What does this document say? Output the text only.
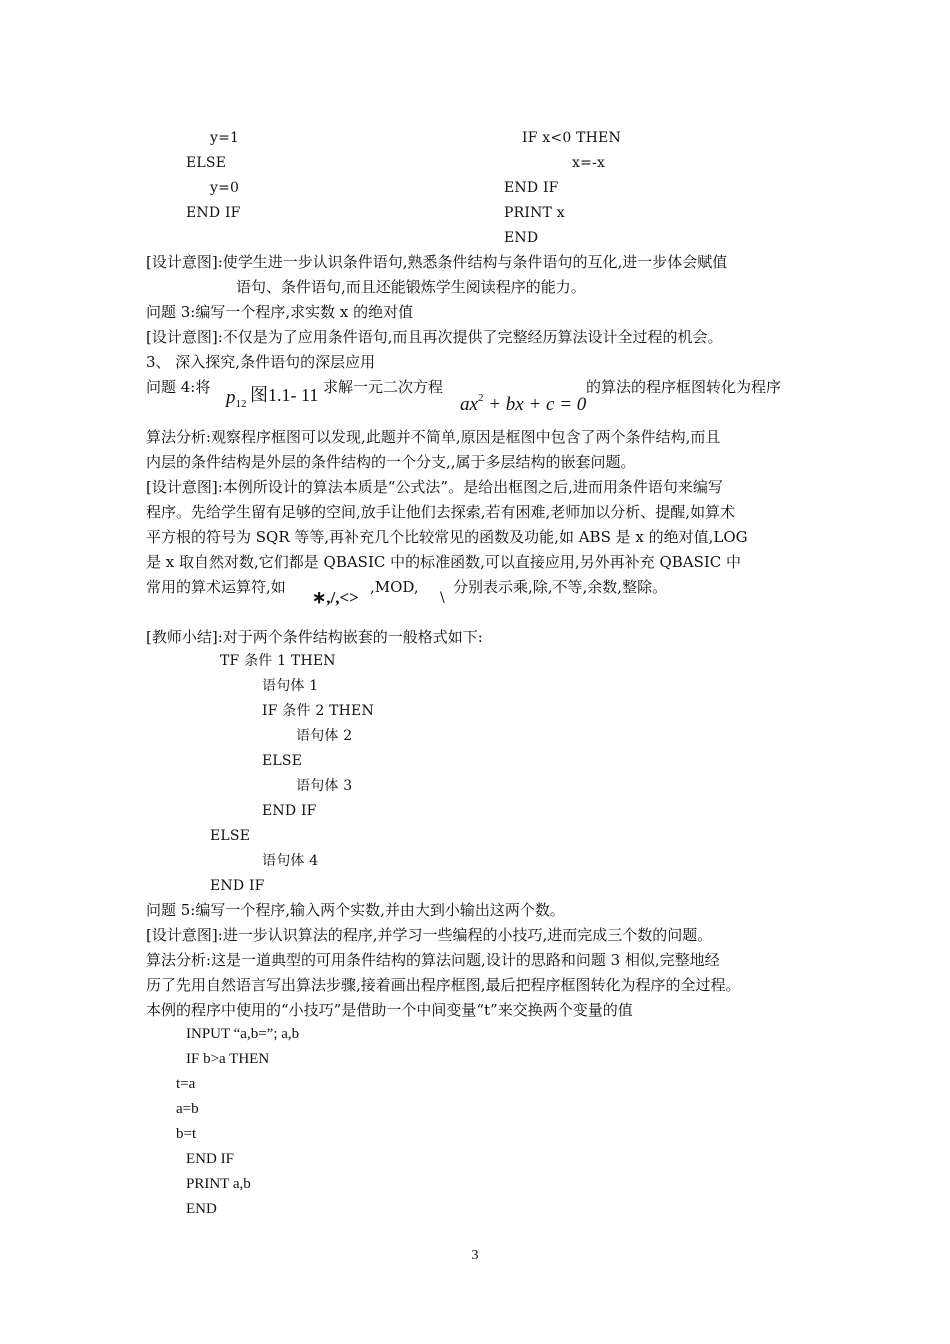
y=1
ELSE
y=0
END IF
IF x<0 THEN
x=-x
END IF
PRINT x
END
[设计意图]:使学生进一步认识条件语句,熟悉条件结构与条件语句的互化,进一步体会赋值
语句、条件语句,而且还能锻炼学生阅读程序的能力。
问题 3:编写一个程序,求实数 x 的绝对值
[设计意图]:不仅是为了应用条件语句,而且再次提供了完整经历算法设计全过程的机会。
3、 深入探究,条件语句的深层应用
问题 4:将 $p_{12}$ 图1.1- 11 求解一元二次方程
$ax^2$ + bx + c = 0
的算法的程序框图转化为程序
算法分析:观察程序框图可以发现,此题并不简单,原因是框图中包含了两个条件结构,而且
内层的条件结构是外层的条件结构的一个分支,,属于多层结构的嵌套问题。
[设计意图]:本例所设计的算法本质是“公式法”。是给出框图之后,进而用条件语句来编写
程序。先给学生留有足够的空间,放手让他们去探索,若有困难,老师加以分析、提醒,如算术
平方根的符号为 SQR 等等,再补充几个比较常见的函数及功能,如 ABS 是 x 的绝对值,LOG
是 x 取自然对数,它们都是 QBASIC 中的标准函数,可以直接应用,另外再补充 QBASIC 中
常用的算术运算符,如
∗,/,<>
,MOD,
\
分别表示乘,除,不等,余数,整除。
[教师小结]:对于两个条件结构嵌套的一般格式如下:
TF 条件 1 THEN
语句体 1
IF 条件 2 THEN
语句体 2
ELSE
语句体 3
END IF
ELSE
语句体 4
END IF
问题 5:编写一个程序,输入两个实数,并由大到小输出这两个数。
[设计意图]:进一步认识算法的程序,并学习一些编程的小技巧,进而完成三个数的问题。
算法分析:这是一道典型的可用条件结构的算法问题,设计的思路和问题 3 相似,完整地经
历了先用自然语言写出算法步骤,接着画出程序框图,最后把程序框图转化为程序的全过程。
本例的程序中使用的“小技巧”是借助一个中间变量“t”来交换两个变量的值
INPUT “a,b=”; a,b
IF b>a THEN
t=a
a=b
b=t
END IF
PRINT a,b
END
3
